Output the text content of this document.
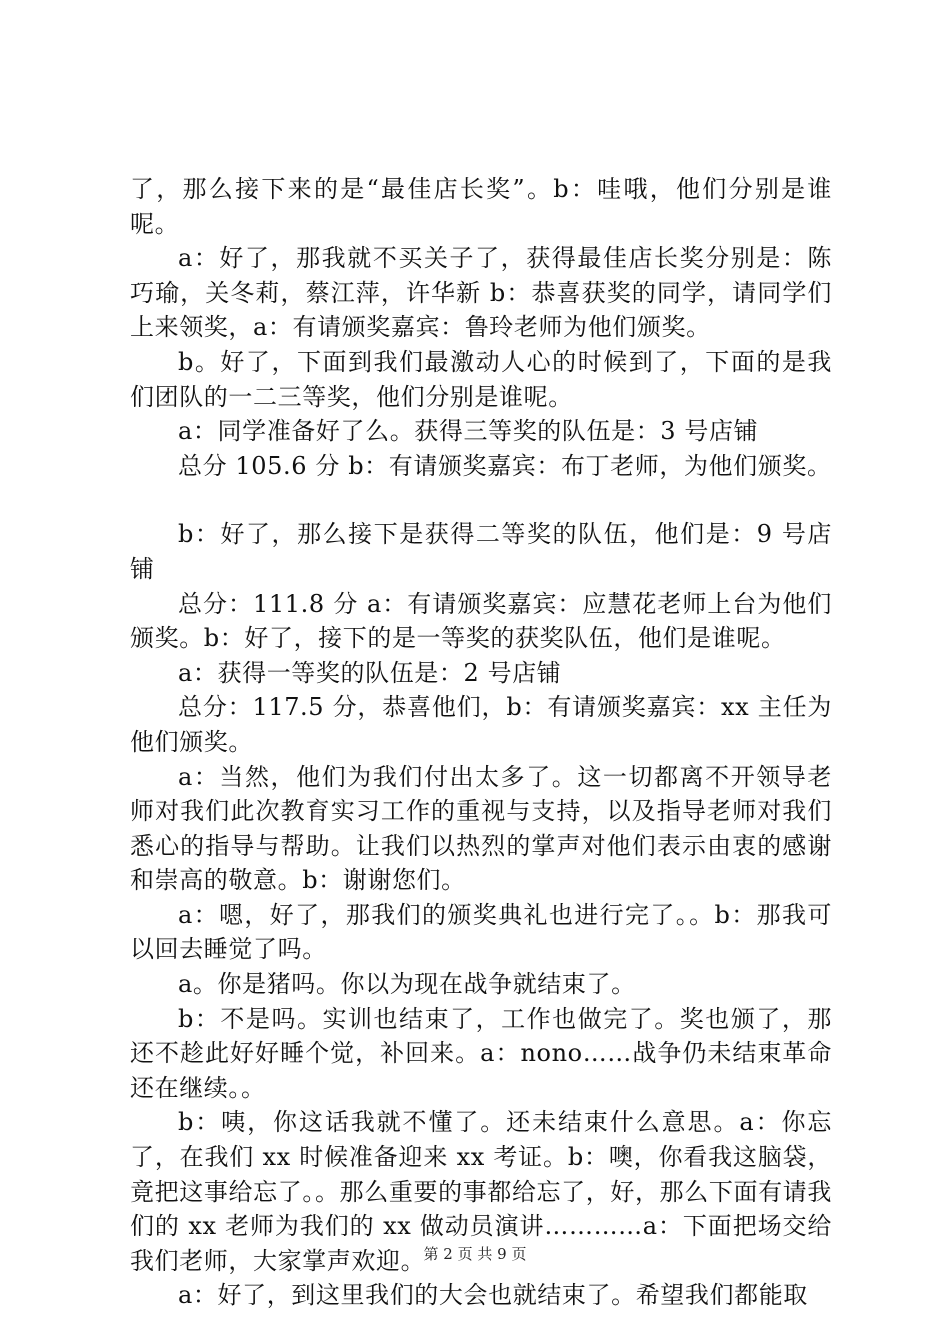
了，那么接下来的是“最佳店长奖”。b：哇哦，他们分别是谁呢。

a：好了，那我就不买关子了，获得最佳店长奖分别是：陈巧瑜，关冬莉，蔡江萍，许华新 b：恭喜获奖的同学，请同学们上来领奖，a：有请颁奖嘉宾：鲁玲老师为他们颁奖。

b。好了，下面到我们最激动人心的时候到了，下面的是我们团队的一二三等奖，他们分别是谁呢。

a：同学准备好了么。获得三等奖的队伍是：3 号店铺

总分 105.6 分 b：有请颁奖嘉宾：布丁老师，为他们颁奖。

b：好了，那么接下是获得二等奖的队伍，他们是：9 号店铺

总分：111.8 分 a：有请颁奖嘉宾：应慧花老师上台为他们颁奖。b：好了，接下的是一等奖的获奖队伍，他们是谁呢。

a：获得一等奖的队伍是：2 号店铺

总分：117.5 分，恭喜他们，b：有请颁奖嘉宾：xx 主任为他们颁奖。

a：当然，他们为我们付出太多了。这一切都离不开领导老师对我们此次教育实习工作的重视与支持，以及指导老师对我们悉心的指导与帮助。让我们以热烈的掌声对他们表示由衷的感谢和崇高的敬意。b：谢谢您们。

a：嗯，好了，那我们的颁奖典礼也进行完了。。b：那我可以回去睡觉了吗。

a。你是猪吗。你以为现在战争就结束了。

b：不是吗。实训也结束了，工作也做完了。奖也颁了，那还不趁此好好睡个觉，补回来。a：nono……战争仍未结束革命还在继续。。

b：咦，你这话我就不懂了。还未结束什么意思。a：你忘了，在我们 xx 时候准备迎来 xx 考证。b：噢，你看我这脑袋，竟把这事给忘了。。那么重要的事都给忘了，好，那么下面有请我们的 xx 老师为我们的 xx 做动员演讲…………a：下面把场交给我们老师，大家掌声欢迎。

a：好了，到这里我们的大会也就结束了。希望我们都能取

第 2 页 共 9 页
